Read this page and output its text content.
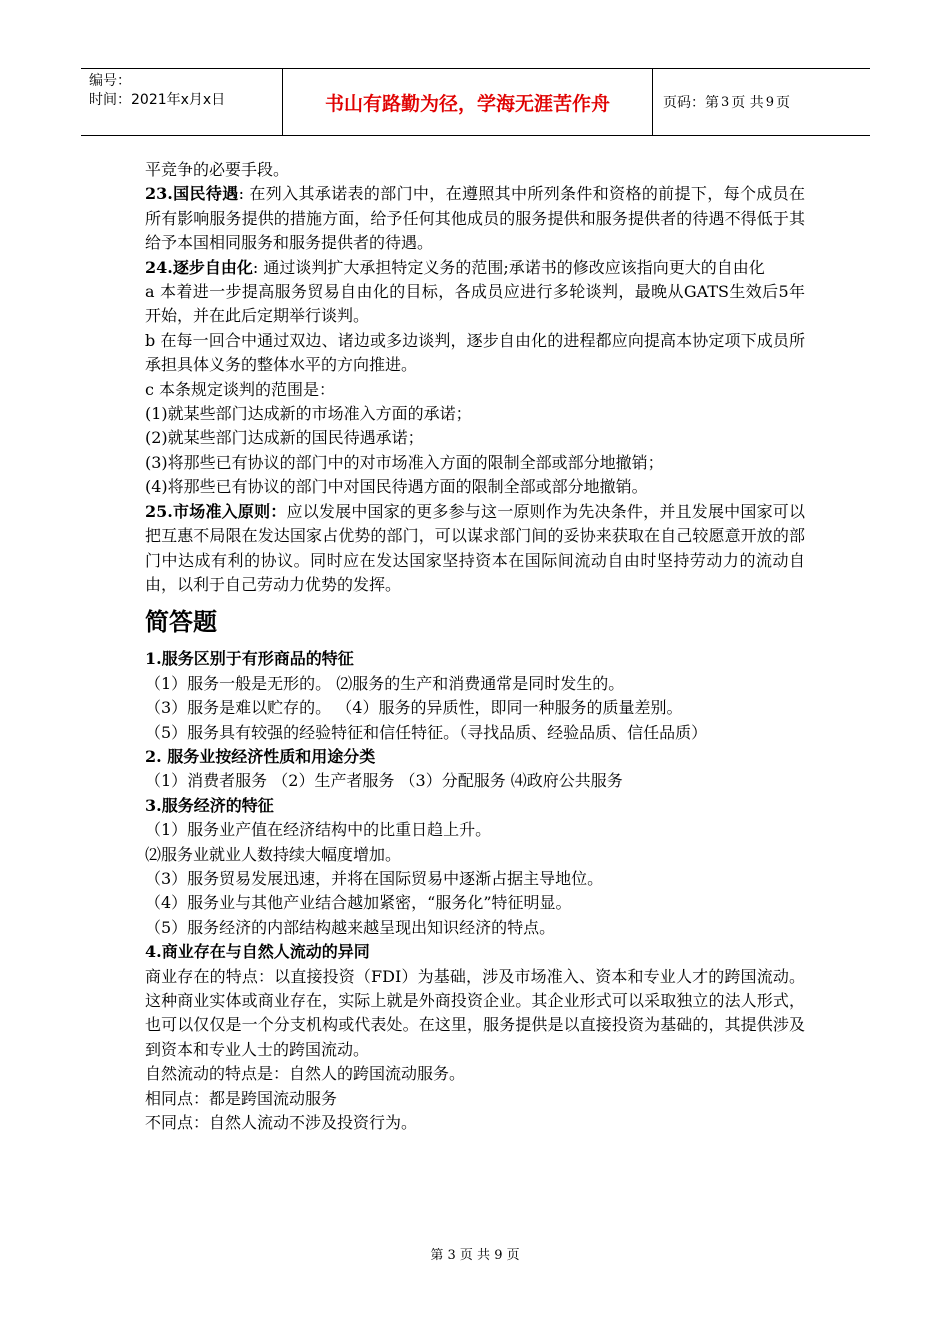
编号：
时间：2021年x月x日	书山有路勤为径，学海无涯苦作舟	页码：第 3 页 共 9 页

平竞争的必要手段。

23.国民待遇: 在列入其承诺表的部门中，在遵照其中所列条件和资格的前提下，每个成员在所有影响服务提供的措施方面，给予任何其他成员的服务提供和服务提供者的待遇不得低于其给予本国相同服务和服务提供者的待遇。

24.逐步自由化: 通过谈判扩大承担特定义务的范围;承诺书的修改应该指向更大的自由化

a 本着进一步提高服务贸易自由化的目标，各成员应进行多轮谈判，最晚从GATS生效后5年开始，并在此后定期举行谈判。

b 在每一回合中通过双边、诸边或多边谈判，逐步自由化的进程都应向提高本协定项下成员所承担具体义务的整体水平的方向推进。

c 本条规定谈判的范围是：

(1)就某些部门达成新的市场准入方面的承诺；

(2)就某些部门达成新的国民待遇承诺；

(3)将那些已有协议的部门中的对市场准入方面的限制全部或部分地撤销；

(4)将那些已有协议的部门中对国民待遇方面的限制全部或部分地撤销。

25.市场准入原则：应以发展中国家的更多参与这一原则作为先决条件，并且发展中国家可以把互惠不局限在发达国家占优势的部门，可以谋求部门间的妥协来获取在自己较愿意开放的部门中达成有利的协议。同时应在发达国家坚持资本在国际间流动自由时坚持劳动力的流动自由，以利于自己劳动力优势的发挥。

简答题

1.服务区别于有形商品的特征

（1）服务一般是无形的。 ⑵服务的生产和消费通常是同时发生的。

（3）服务是难以贮存的。 （4）服务的异质性，即同一种服务的质量差别。

（5）服务具有较强的经验特征和信任特征。（寻找品质、经验品质、信任品质）

2. 服务业按经济性质和用途分类

（1）消费者服务 （2）生产者服务 （3）分配服务 ⑷政府公共服务

3.服务经济的特征

（1）服务业产值在经济结构中的比重日趋上升。

⑵服务业就业人数持续大幅度增加。

（3）服务贸易发展迅速，并将在国际贸易中逐渐占据主导地位。

（4）服务业与其他产业结合越加紧密，“服务化”特征明显。

（5）服务经济的内部结构越来越呈现出知识经济的特点。

4.商业存在与自然人流动的异同

商业存在的特点：以直接投资（FDI）为基础，涉及市场准入、资本和专业人才的跨国流动。这种商业实体或商业存在，实际上就是外商投资企业。其企业形式可以采取独立的法人形式，也可以仅仅是一个分支机构或代表处。在这里，服务提供是以直接投资为基础的，其提供涉及到资本和专业人士的跨国流动。

自然流动的特点是：自然人的跨国流动服务。

相同点：都是跨国流动服务

不同点：自然人流动不涉及投资行为。

第 3 页 共 9 页
